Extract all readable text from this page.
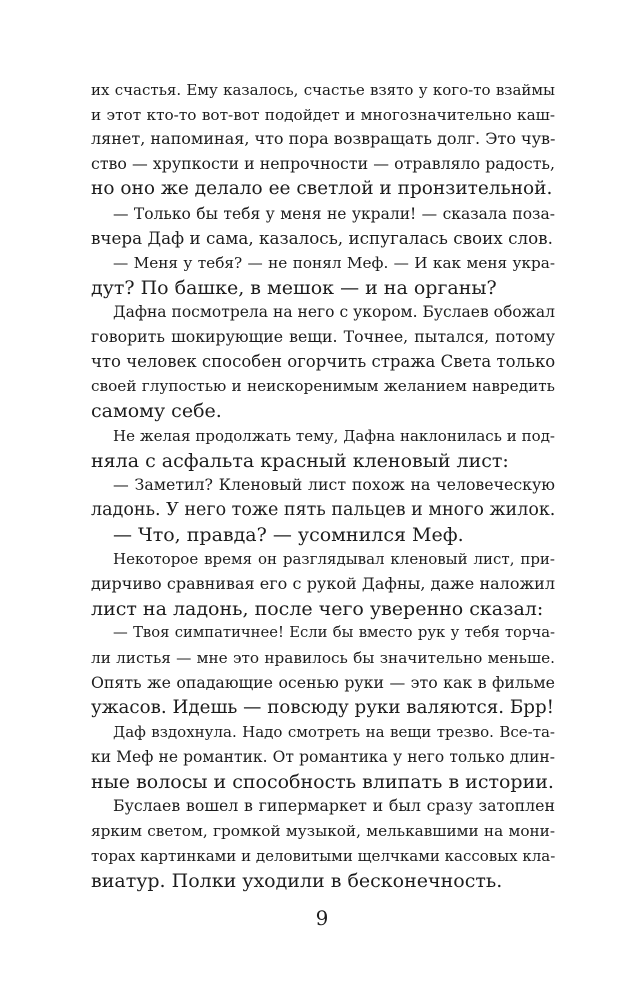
их счастья. Ему казалось, счастье взято у кого-то взаймы
и этот кто-то вот-вот подойдет и многозначительно каш-
лянет, напоминая, что пора возвращать долг. Это чув-
ство — хрупкости и непрочности — отравляло радость,
но оно же делало ее светлой и пронзительной.
— Только бы тебя у меня не украли! — сказала поза-
вчера Даф и сама, казалось, испугалась своих слов.
— Меня у тебя? — не понял Меф. — И как меня укра-
дут? По башке, в мешок — и на органы?
Дафна посмотрела на него с укором. Буслаев обожал
говорить шокирующие вещи. Точнее, пытался, потому
что человек способен огорчить стража Света только
своей глупостью и неискоренимым желанием навредить
самому себе.
Не желая продолжать тему, Дафна наклонилась и под-
няла с асфальта красный кленовый лист:
— Заметил? Кленовый лист похож на человеческую
ладонь. У него тоже пять пальцев и много жилок.
— Что, правда? — усомнился Меф.
Некоторое время он разглядывал кленовый лист, при-
дирчиво сравнивая его с рукой Дафны, даже наложил
лист на ладонь, после чего уверенно сказал:
— Твоя симпатичнее! Если бы вместо рук у тебя торча-
ли листья — мне это нравилось бы значительно меньше.
Опять же опадающие осенью руки — это как в фильме
ужасов. Идешь — повсюду руки валяются. Брр!
Даф вздохнула. Надо смотреть на вещи трезво. Все-та-
ки Меф не романтик. От романтика у него только длин-
ные волосы и способность влипать в истории.
Буслаев вошел в гипермаркет и был сразу затоплен
ярким светом, громкой музыкой, мелькавшими на мони-
торах картинками и деловитыми щелчками кассовых кла-
виатур. Полки уходили в бесконечность.
9
